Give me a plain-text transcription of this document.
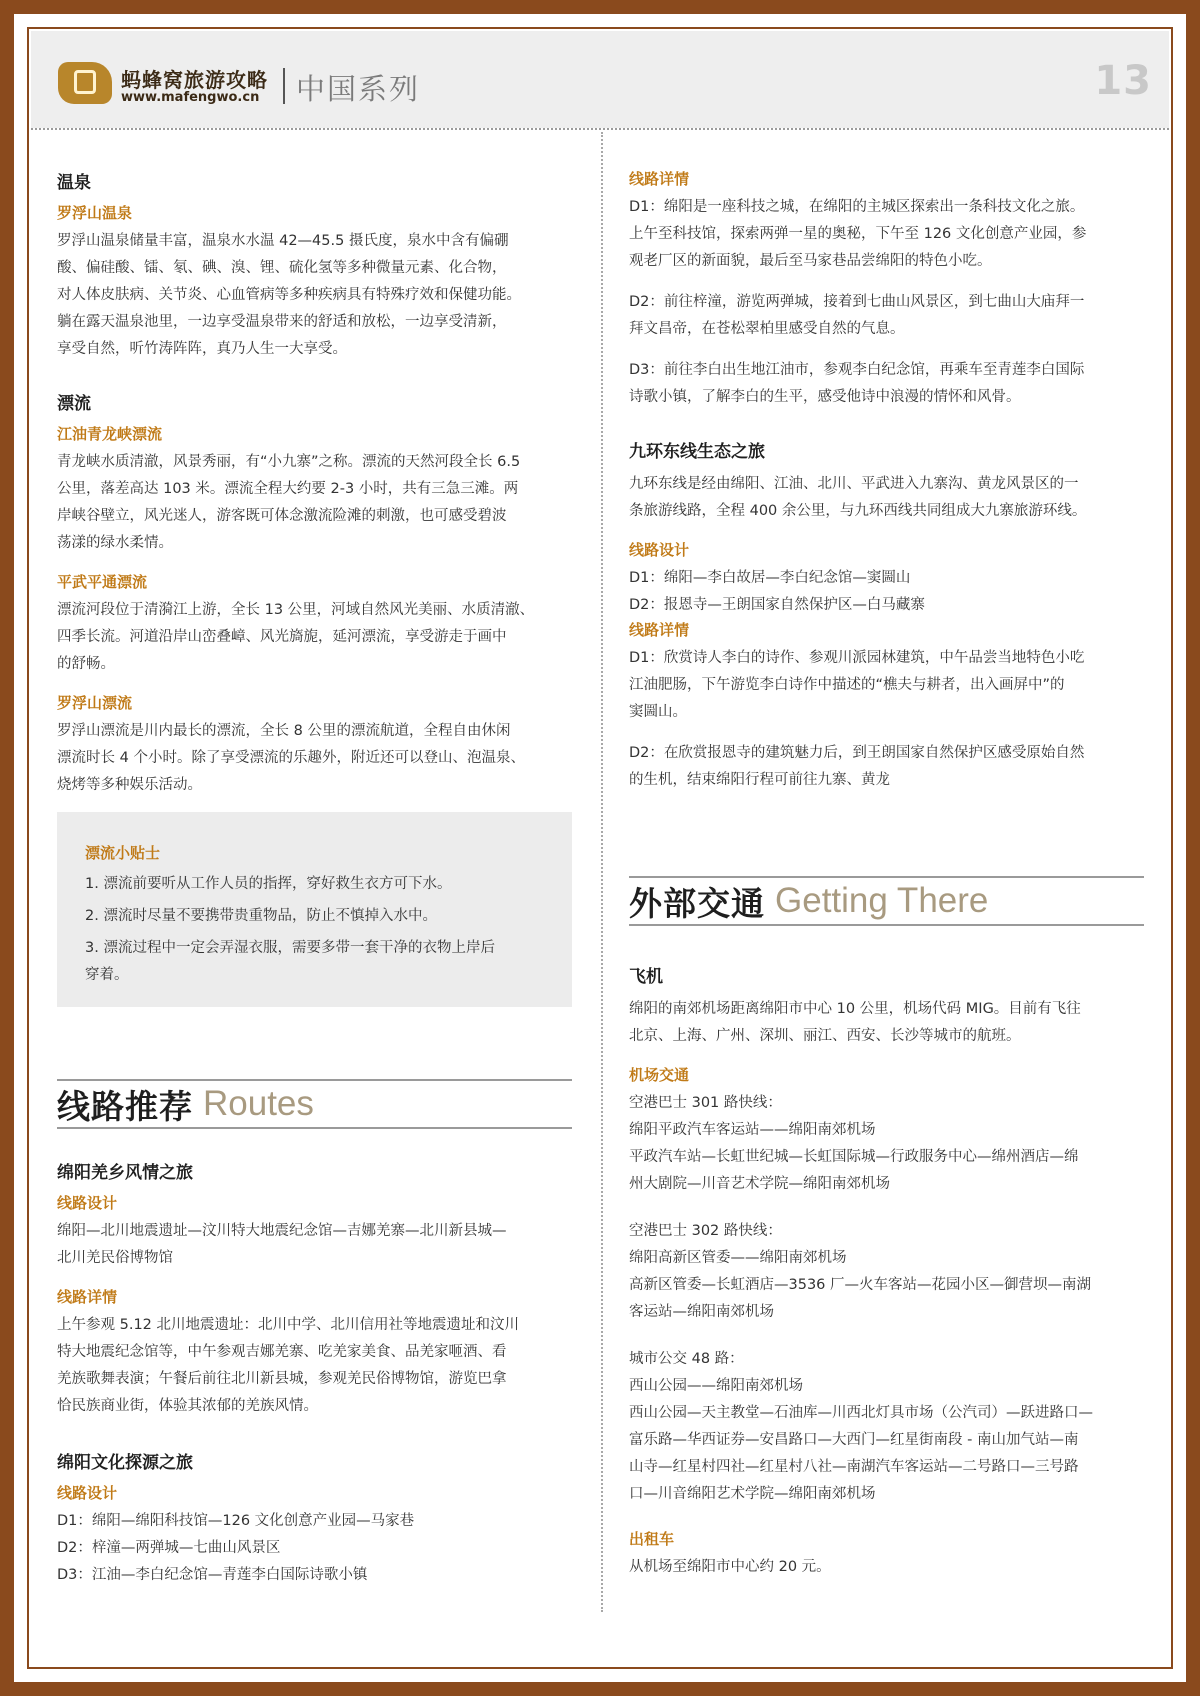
蚂蜂窝旅游攻略
www.mafengwo.cn 中国系列	13
温泉
罗浮山温泉
罗浮山温泉储量丰富，温泉水水温 42—45.5 摄氏度，泉水中含有偏硼
酸、偏硅酸、镭、氡、碘、溴、锂、硫化氢等多种微量元素、化合物，
对人体皮肤病、关节炎、心血管病等多种疾病具有特殊疗效和保健功能。
躺在露天温泉池里，一边享受温泉带来的舒适和放松，一边享受清新，
享受自然，听竹涛阵阵，真乃人生一大享受。
漂流
江油青龙峡漂流
青龙峡水质清澈，风景秀丽，有“小九寨”之称。漂流的天然河段全长 6.5
公里，落差高达 103 米。漂流全程大约要 2-3 小时，共有三急三滩。两
岸峡谷壁立，风光迷人，游客既可体念激流险滩的刺激，也可感受碧波
荡漾的绿水柔情。
平武平通漂流
漂流河段位于清漪江上游，全长 13 公里，河域自然风光美丽、水质清澈、
四季长流。河道沿岸山峦叠嶂、风光旖旎，延河漂流，享受游走于画中
的舒畅。
罗浮山漂流
罗浮山漂流是川内最长的漂流，全长 8 公里的漂流航道，全程自由休闲
漂流时长 4 个小时。除了享受漂流的乐趣外，附近还可以登山、泡温泉、
烧烤等多种娱乐活动。
漂流小贴士
1. 漂流前要听从工作人员的指挥，穿好救生衣方可下水。
2. 漂流时尽量不要携带贵重物品，防止不慎掉入水中。
3. 漂流过程中一定会弄湿衣服，需要多带一套干净的衣物上岸后
穿着。
线路推荐 Routes
绵阳羌乡风情之旅
线路设计
绵阳—北川地震遗址—汶川特大地震纪念馆—吉娜羌寨—北川新县城—
北川羌民俗博物馆
线路详情
上午参观 5.12 北川地震遗址：北川中学、北川信用社等地震遗址和汶川
特大地震纪念馆等，中午参观吉娜羌寨、吃羌家美食、品羌家咂酒、看
羌族歌舞表演；午餐后前往北川新县城，参观羌民俗博物馆，游览巴拿
恰民族商业街，体验其浓郁的羌族风情。
绵阳文化探源之旅
线路设计
D1：绵阳—绵阳科技馆—126 文化创意产业园—马家巷
D2：梓潼—两弹城—七曲山风景区
D3：江油—李白纪念馆—青莲李白国际诗歌小镇
线路详情
D1：绵阳是一座科技之城，在绵阳的主城区探索出一条科技文化之旅。
上午至科技馆，探索两弹一星的奥秘，下午至 126 文化创意产业园，参
观老厂区的新面貌，最后至马家巷品尝绵阳的特色小吃。
D2：前往梓潼，游览两弹城，接着到七曲山风景区，到七曲山大庙拜一
拜文昌帝，在苍松翠柏里感受自然的气息。
D3：前往李白出生地江油市，参观李白纪念馆，再乘车至青莲李白国际
诗歌小镇，了解李白的生平，感受他诗中浪漫的情怀和风骨。
九环东线生态之旅
九环东线是经由绵阳、江油、北川、平武进入九寨沟、黄龙风景区的一
条旅游线路，全程 400 余公里，与九环西线共同组成大九寨旅游环线。
线路设计
D1：绵阳—李白故居—李白纪念馆—窦圌山
D2：报恩寺—王朗国家自然保护区—白马藏寨
线路详情
D1：欣赏诗人李白的诗作、参观川派园林建筑，中午品尝当地特色小吃
江油肥肠，下午游览李白诗作中描述的“樵夫与耕者，出入画屏中”的
窦圌山。
D2：在欣赏报恩寺的建筑魅力后，到王朗国家自然保护区感受原始自然
的生机，结束绵阳行程可前往九寨、黄龙
外部交通 Getting There
飞机
绵阳的南郊机场距离绵阳市中心 10 公里，机场代码 MIG。目前有飞往
北京、上海、广州、深圳、丽江、西安、长沙等城市的航班。
机场交通
空港巴士 301 路快线：
绵阳平政汽车客运站——绵阳南郊机场
平政汽车站—长虹世纪城—长虹国际城—行政服务中心—绵州酒店—绵
州大剧院—川音艺术学院—绵阳南郊机场
空港巴士 302 路快线：
绵阳高新区管委——绵阳南郊机场
高新区管委—长虹酒店—3536 厂—火车客站—花园小区—御营坝—南湖
客运站—绵阳南郊机场
城市公交 48 路：
西山公园——绵阳南郊机场
西山公园—天主教堂—石油库—川西北灯具市场（公汽司）—跃进路口—
富乐路—华西证券—安昌路口—大西门—红星街南段 - 南山加气站—南
山寺—红星村四社—红星村八社—南湖汽车客运站—二号路口—三号路
口—川音绵阳艺术学院—绵阳南郊机场
出租车
从机场至绵阳市中心约 20 元。
